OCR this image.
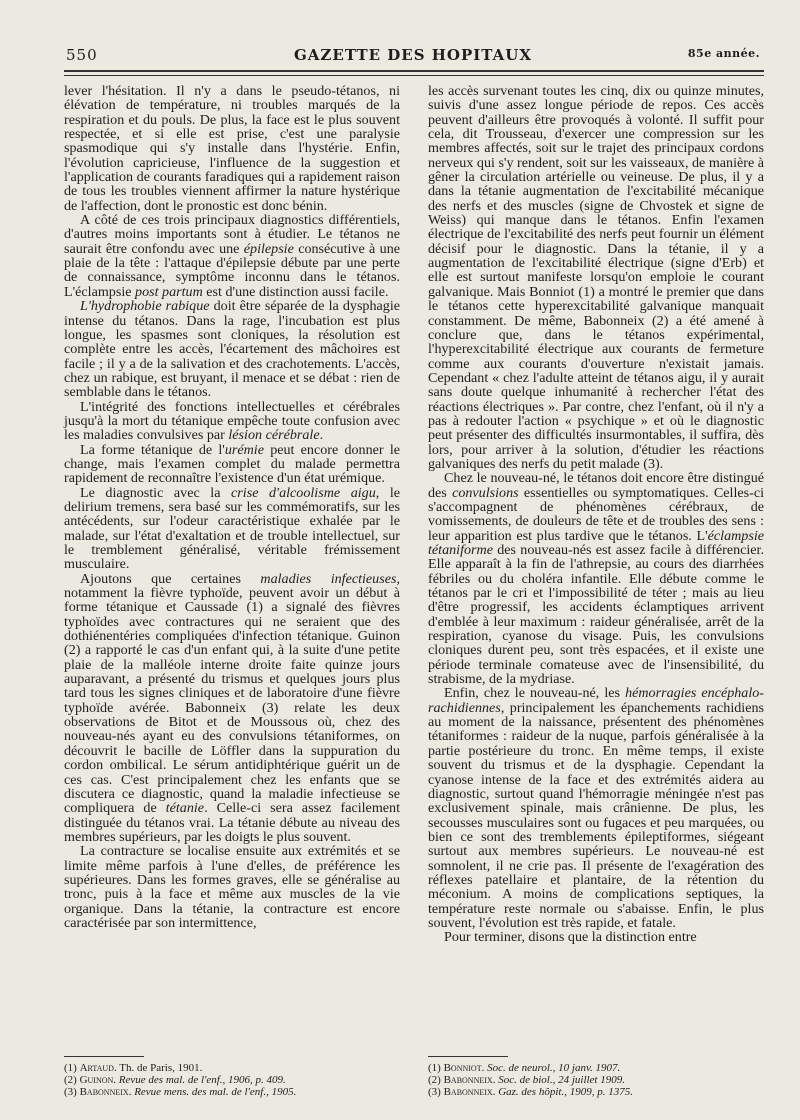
550	GAZETTE DES HOPITAUX	85e année.

lever l'hésitation. Il n'y a dans le pseudo-tétanos, ni élévation de température, ni troubles marqués de la respiration et du pouls. De plus, la face est le plus souvent respectée, et si elle est prise, c'est une paralysie spasmodique qui s'y installe dans l'hystérie. Enfin, l'évolution capricieuse, l'influence de la suggestion et l'application de courants faradiques qui a rapidement raison de tous les troubles viennent affirmer la nature hystérique de l'affection, dont le pronostic est donc bénin.

A côté de ces trois principaux diagnostics différentiels, d'autres moins importants sont à étudier. Le tétanos ne saurait être confondu avec une épilepsie consécutive à une plaie de la tête : l'attaque d'épilepsie débute par une perte de connaissance, symptôme inconnu dans le tétanos. L'éclampsie post partum est d'une distinction aussi facile.

L'hydrophobie rabique doit être séparée de la dysphagie intense du tétanos. Dans la rage, l'incubation est plus longue, les spasmes sont cloniques, la résolution est complète entre les accès, l'écartement des mâchoires est facile ; il y a de la salivation et des crachotements. L'accès, chez un rabique, est bruyant, il menace et se débat : rien de semblable dans le tétanos.

L'intégrité des fonctions intellectuelles et cérébrales jusqu'à la mort du tétanique empêche toute confusion avec les maladies convulsives par lésion cérébrale.

La forme tétanique de l'urémie peut encore donner le change, mais l'examen complet du malade permettra rapidement de reconnaître l'existence d'un état urémique.

Le diagnostic avec la crise d'alcoolisme aigu, le delirium tremens, sera basé sur les commémoratifs, sur les antécédents, sur l'odeur caractéristique exhalée par le malade, sur l'état d'exaltation et de trouble intellectuel, sur le tremblement généralisé, véritable frémissement musculaire.

Ajoutons que certaines maladies infectieuses, notamment la fièvre typhoïde, peuvent avoir un début à forme tétanique et Caussade (1) a signalé des fièvres typhoïdes avec contractures qui ne seraient que des dothiénentéries compliquées d'infection tétanique. Guinon (2) a rapporté le cas d'un enfant qui, à la suite d'une petite plaie de la malléole interne droite faite quinze jours auparavant, a présenté du trismus et quelques jours plus tard tous les signes cliniques et de laboratoire d'une fièvre typhoïde avérée. Babonneix (3) relate les deux observations de Bitot et de Moussous où, chez des nouveau-nés ayant eu des convulsions tétaniformes, on découvrit le bacille de Löffler dans la suppuration du cordon ombilical. Le sérum antidiphtérique guérit un de ces cas. C'est principalement chez les enfants que se discutera ce diagnostic, quand la maladie infectieuse se compliquera de tétanie. Celle-ci sera assez facilement distinguée du tétanos vrai. La tétanie débute au niveau des membres supérieurs, par les doigts le plus souvent.

La contracture se localise ensuite aux extrémités et se limite même parfois à l'une d'elles, de préférence les supérieures. Dans les formes graves, elle se généralise au tronc, puis à la face et même aux muscles de la vie organique. Dans la tétanie, la contracture est encore caractérisée par son intermittence,

les accès survenant toutes les cinq, dix ou quinze minutes, suivis d'une assez longue période de repos. Ces accès peuvent d'ailleurs être provoqués à volonté. Il suffit pour cela, dit Trousseau, d'exercer une compression sur les membres affectés, soit sur le trajet des principaux cordons nerveux qui s'y rendent, soit sur les vaisseaux, de manière à gêner la circulation artérielle ou veineuse. De plus, il y a dans la tétanie augmentation de l'excitabilité mécanique des nerfs et des muscles (signe de Chvostek et signe de Weiss) qui manque dans le tétanos. Enfin l'examen électrique de l'excitabilité des nerfs peut fournir un élément décisif pour le diagnostic. Dans la tétanie, il y a augmentation de l'excitabilité électrique (signe d'Erb) et elle est surtout manifeste lorsqu'on emploie le courant galvanique. Mais Bonniot (1) a montré le premier que dans le tétanos cette hyperexcitabilité galvanique manquait constamment. De même, Babonneix (2) a été amené à conclure que, dans le tétanos expérimental, l'hyperexcitabilité électrique aux courants de fermeture comme aux courants d'ouverture n'existait jamais. Cependant « chez l'adulte atteint de tétanos aigu, il y aurait sans doute quelque inhumanité à rechercher l'état des réactions électriques ». Par contre, chez l'enfant, où il n'y a pas à redouter l'action « psychique » et où le diagnostic peut présenter des difficultés insurmontables, il suffira, dès lors, pour arriver à la solution, d'étudier les réactions galvaniques des nerfs du petit malade (3).

Chez le nouveau-né, le tétanos doit encore être distingué des convulsions essentielles ou symptomatiques. Celles-ci s'accompagnent de phénomènes cérébraux, de vomissements, de douleurs de tête et de troubles des sens : leur apparition est plus tardive que le tétanos. L'éclampsie tétaniforme des nouveau-nés est assez facile à différencier. Elle apparaît à la fin de l'athrepsie, au cours des diarrhées fébriles ou du choléra infantile. Elle débute comme le tétanos par le cri et l'impossibilité de téter ; mais au lieu d'être progressif, les accidents éclamptiques arrivent d'emblée à leur maximum : raideur généralisée, arrêt de la respiration, cyanose du visage. Puis, les convulsions cloniques durent peu, sont très espacées, et il existe une période terminale comateuse avec de l'insensibilité, du strabisme, de la mydriase.

Enfin, chez le nouveau-né, les hémorragies encéphalo-rachidiennes, principalement les épanchements rachidiens au moment de la naissance, présentent des phénomènes tétaniformes : raideur de la nuque, parfois généralisée à la partie postérieure du tronc. En même temps, il existe souvent du trismus et de la dysphagie. Cependant la cyanose intense de la face et des extrémités aidera au diagnostic, surtout quand l'hémorragie méningée n'est pas exclusivement spinale, mais crânienne. De plus, les secousses musculaires sont ou fugaces et peu marquées, ou bien ce sont des tremblements épileptiformes, siégeant surtout aux membres supérieurs. Le nouveau-né est somnolent, il ne crie pas. Il présente de l'exagération des réflexes patellaire et plantaire, de la rétention du méconium. A moins de complications septiques, la température reste normale ou s'abaisse. Enfin, le plus souvent, l'évolution est très rapide, et fatale.

Pour terminer, disons que la distinction entre

(1) Artaud. Th. de Paris, 1901.
(2) Guinon. Revue des mal. de l'enf., 1906, p. 409.
(3) Babonneix. Revue mens. des mal. de l'enf., 1905.
(1) Bonniot. Soc. de neurol., 10 janv. 1907.
(2) Babonneix. Soc. de biol., 24 juillet 1909.
(3) Babonneix. Gaz. des hôpit., 1909, p. 1375.
